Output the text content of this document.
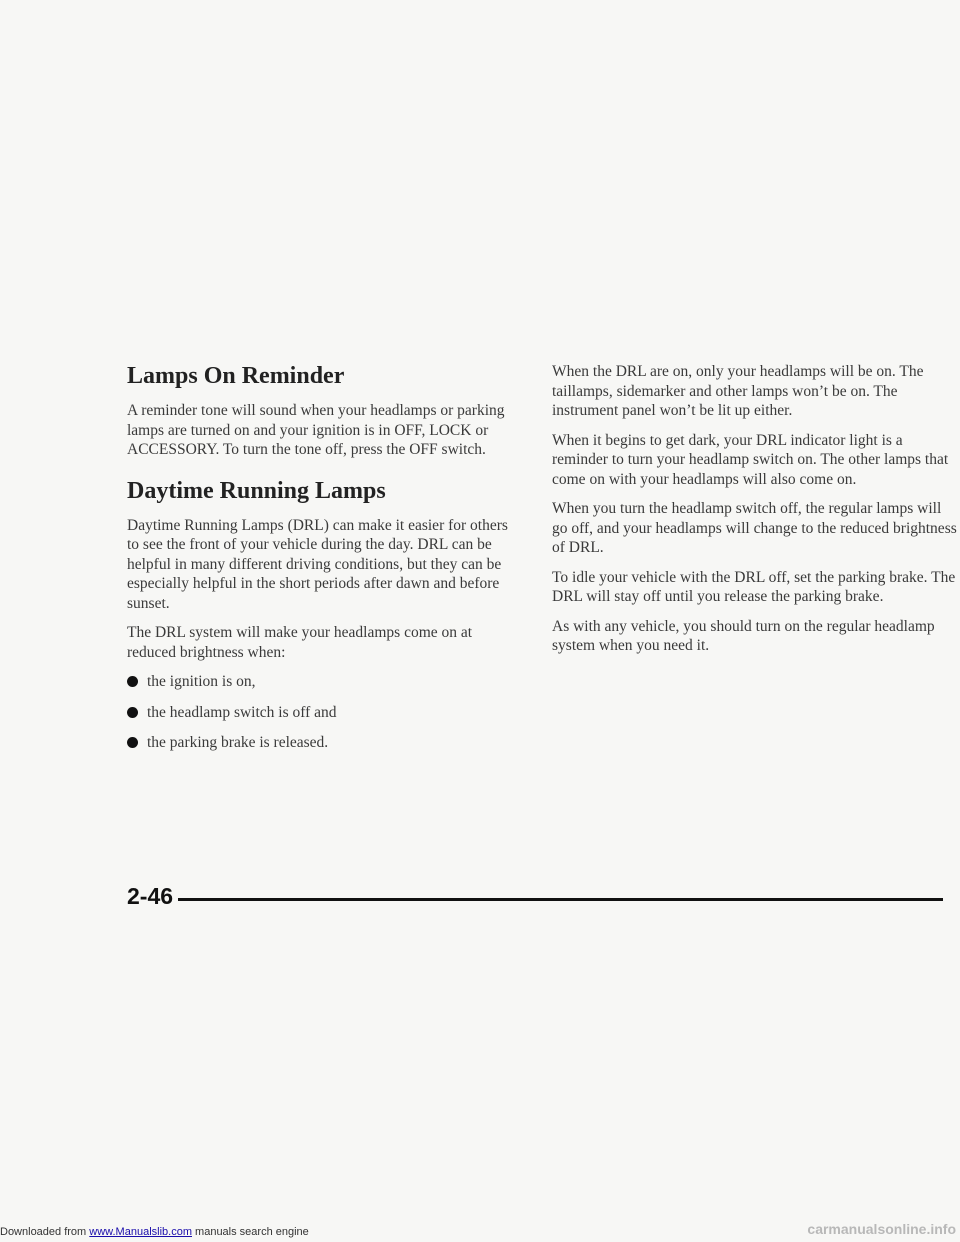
Lamps On Reminder

A reminder tone will sound when your headlamps or parking lamps are turned on and your ignition is in OFF, LOCK or ACCESSORY. To turn the tone off, press the OFF switch.

Daytime Running Lamps

Daytime Running Lamps (DRL) can make it easier for others to see the front of your vehicle during the day. DRL can be helpful in many different driving conditions, but they can be especially helpful in the short periods after dawn and before sunset.

The DRL system will make your headlamps come on at reduced brightness when:

the ignition is on,
the headlamp switch is off and
the parking brake is released.

When the DRL are on, only your headlamps will be on. The taillamps, sidemarker and other lamps won’t be on. The instrument panel won’t be lit up either.

When it begins to get dark, your DRL indicator light is a reminder to turn your headlamp switch on. The other lamps that come on with your headlamps will also come on.

When you turn the headlamp switch off, the regular lamps will go off, and your headlamps will change to the reduced brightness of DRL.

To idle your vehicle with the DRL off, set the parking brake. The DRL will stay off until you release the parking brake.

As with any vehicle, you should turn on the regular headlamp system when you need it.

2-46
Downloaded from www.Manualslib.com manuals search engine	carmanualsonline.info
